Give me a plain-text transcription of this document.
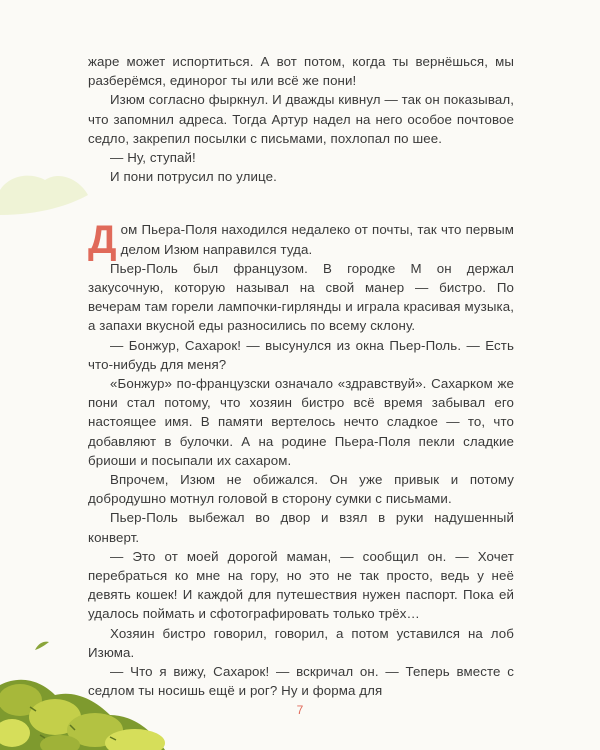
жаре может испортиться. А вот потом, когда ты вернёшься, мы разберёмся, единорог ты или всё же пони!

Изюм согласно фыркнул. И дважды кивнул — так он показывал, что запомнил адреса. Тогда Артур надел на него особое почтовое седло, закрепил посылки с письмами, похлопал по шее.

— Ну, ступай!

И пони потрусил по улице.

Д ом Пьера-Поля находился недалеко от почты, так что первым делом Изюм направился туда.

Пьер-Поль был французом. В городке М он держал закусочную, которую называл на свой манер — бистро. По вечерам там горели лампочки-гирлянды и играла красивая музыка, а запахи вкусной еды разносились по всему склону.

— Бонжур, Сахарок! — высунулся из окна Пьер-Поль. — Есть что-нибудь для меня?

«Бонжур» по-французски означало «здравствуй». Сахарком же пони стал потому, что хозяин бистро всё время забывал его настоящее имя. В памяти вертелось нечто сладкое — то, что добавляют в булочки. А на родине Пьера-Поля пекли сладкие бриоши и посыпали их сахаром.

Впрочем, Изюм не обижался. Он уже привык и потому добродушно мотнул головой в сторону сумки с письмами.

Пьер-Поль выбежал во двор и взял в руки надушенный конверт.

— Это от моей дорогой маман, — сообщил он. — Хочет перебраться ко мне на гору, но это не так просто, ведь у неё девять кошек! И каждой для путешествия нужен паспорт. Пока ей удалось поймать и сфотографировать только трёх…

Хозяин бистро говорил, говорил, а потом уставился на лоб Изюма.

— Что я вижу, Сахарок! — вскричал он. — Теперь вместе с седлом ты носишь ещё и рог? Ну и форма для

7
